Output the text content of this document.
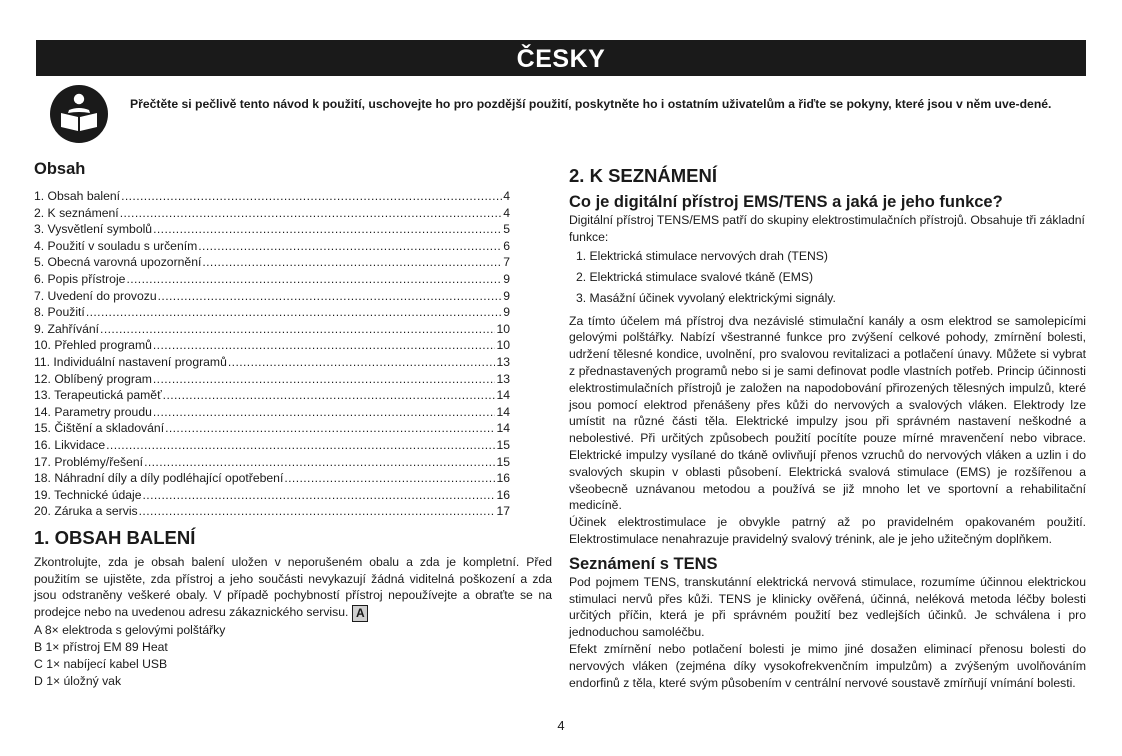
ČESKY
Přečtěte si pečlivě tento návod k použití, uschovejte ho pro pozdější použití, poskytněte ho i ostatním uživatelům a řiďte se pokyny, které jsou v něm uve-dené.
Obsah
1. Obsah balení .....	4
2. K seznámení .....	4
3. Vysvětlení symbolů .....	5
4. Použití v souladu s určením .....	6
5. Obecná varovná upozornění .....	7
6. Popis přístroje .....	9
7. Uvedení do provozu .....	9
8. Použití .....	9
9. Zahřívání .....	10
10. Přehled programů .....	10
11. Individuální nastavení programů .....	13
12. Oblíbený program .....	13
13. Terapeutická paměť .....	14
14. Parametry proudu .....	14
15. Čištění a skladování .....	14
16. Likvidace .....	15
17. Problémy/řešení .....	15
18. Náhradní díly a díly podléhající opotřebení .....	16
19. Technické údaje .....	16
20. Záruka a servis .....	17
1. OBSAH BALENÍ

Zkontrolujte, zda je obsah balení uložen v neporušeném obalu a zda je kompletní. Před použitím se ujistěte, zda přístroj a jeho součásti nevykazují žádná viditelná poškození a zda jsou odstraněny veškeré obaly. V případě pochybností přístroj nepoužívejte a obraťte se na prodejce nebo na uvedenou adresu zákaznického servisu. A

A 8× elektroda s gelovými polštářky
B 1× přístroj EM 89 Heat
C 1× nabíjecí kabel USB
D 1× úložný vak
2. K SEZNÁMENÍ
Co je digitální přístroj EMS/TENS a jaká je jeho funkce?

Digitální přístroj TENS/EMS patří do skupiny elektrostimulačních přístrojů. Obsahuje tři základní funkce:

1. Elektrická stimulace nervových drah (TENS)
2. Elektrická stimulace svalové tkáně (EMS)
3. Masážní účinek vyvolaný elektrickými signály.

Za tímto účelem má přístroj dva nezávislé stimulační kanály a osm elektrod se samolepicími gelovými polštářky. Nabízí všestranné funkce pro zvýšení celkové pohody, zmírnění bolesti, udržení tělesné kondice, uvolnění, pro svalovou revitalizaci a potlačení únavy. Můžete si vybrat z přednastavených programů nebo si je sami definovat podle vlastních potřeb. Princip účinnosti elektrostimulačních přístrojů je založen na napodobování přirozených tělesných impulzů, které jsou pomocí elektrod přenášeny přes kůži do nervových a svalových vláken. Elektrody lze umístit na různé části těla. Elektrické impulzy jsou při správném nastavení neškodné a nebolestivé. Při určitých způsobech použití pocítíte pouze mírné mravenčení nebo vibrace. Elektrické impulzy vysílané do tkáně ovlivňují přenos vzruchů do nervových vláken a uzlin i do svalových skupin v oblasti působení. Elektrická svalová stimulace (EMS) je rozšířenou a všeobecně uznávanou metodou a používá se již mnoho let ve sportovní a rehabilitační medicíně.

Účinek elektrostimulace je obvykle patrný až po pravidelném opakovaném použití. Elektrostimulace nenahrazuje pravidelný svalový trénink, ale je jeho užitečným doplňkem.

Seznámení s TENS

Pod pojmem TENS, transkutánní elektrická nervová stimulace, rozumíme účinnou elektrickou stimulaci nervů přes kůži. TENS je klinicky ověřená, účinná, neléková metoda léčby bolesti určitých příčin, která je při správném použití bez vedlejších účinků. Je schválena i pro jednoduchou samoléčbu.

Efekt zmírnění nebo potlačení bolesti je mimo jiné dosažen eliminací přenosu bolesti do nervových vláken (zejména díky vysokofrekvenčním impulzům) a zvýšeným uvolňováním endorfinů z těla, které svým působením v centrální nervové soustavě zmírňují vnímání bolesti.

4
